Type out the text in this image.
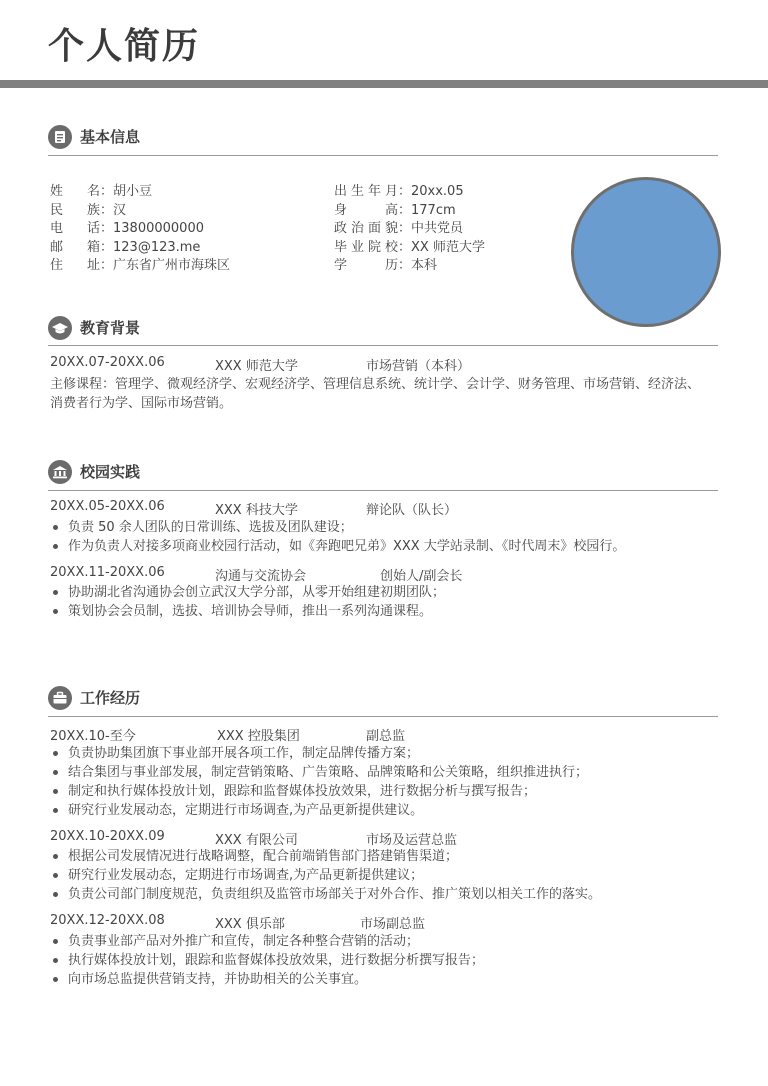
个人简历
基本信息
姓名 ：胡小豆
民族 ：汉
电话 ：13800000000
邮箱 ：123@123.me
住址 ：广东省广州市海珠区
出生年月 ：20xx.05
身高 ：177cm
政治面貌 ：中共党员
毕业院校 ：XX 师范大学
学历 ：本科
教育背景
20XX.07-20XX.06	XXX 师范大学	市场营销（本科）

主修课程：管理学、微观经济学、宏观经济学、管理信息系统、统计学、会计学、财务管理、市场营销、经济法、

消费者行为学、国际市场营销。

校园实践
20XX.05-20XX.06	XXX 科技大学	辩论队（队长）
负责 50 余人团队的日常训练、选拔及团队建设；
作为负责人对接多项商业校园行活动，如《奔跑吧兄弟》XXX 大学站录制、《时代周末》校园行。
20XX.11-20XX.06	沟通与交流协会	创始人/副会长
协助湖北省沟通协会创立武汉大学分部，从零开始组建初期团队；
策划协会会员制，选拔、培训协会导师，推出一系列沟通课程。
工作经历
20XX.10-至今	XXX 控股集团	副总监
负责协助集团旗下事业部开展各项工作，制定品牌传播方案；
结合集团与事业部发展，制定营销策略、广告策略、品牌策略和公关策略，组织推进执行；
制定和执行媒体投放计划，跟踪和监督媒体投放效果，进行数据分析与撰写报告；
研究行业发展动态，定期进行市场调查,为产品更新提供建议。
20XX.10-20XX.09	XXX 有限公司	市场及运营总监
根据公司发展情况进行战略调整，配合前端销售部门搭建销售渠道；
研究行业发展动态，定期进行市场调查,为产品更新提供建议；
负责公司部门制度规范，负责组织及监管市场部关于对外合作、推广策划以相关工作的落实。
20XX.12-20XX.08	XXX 俱乐部	市场副总监
负责事业部产品对外推广和宣传，制定各种整合营销的活动；
执行媒体投放计划，跟踪和监督媒体投放效果，进行数据分析撰写报告；
向市场总监提供营销支持，并协助相关的公关事宜。
